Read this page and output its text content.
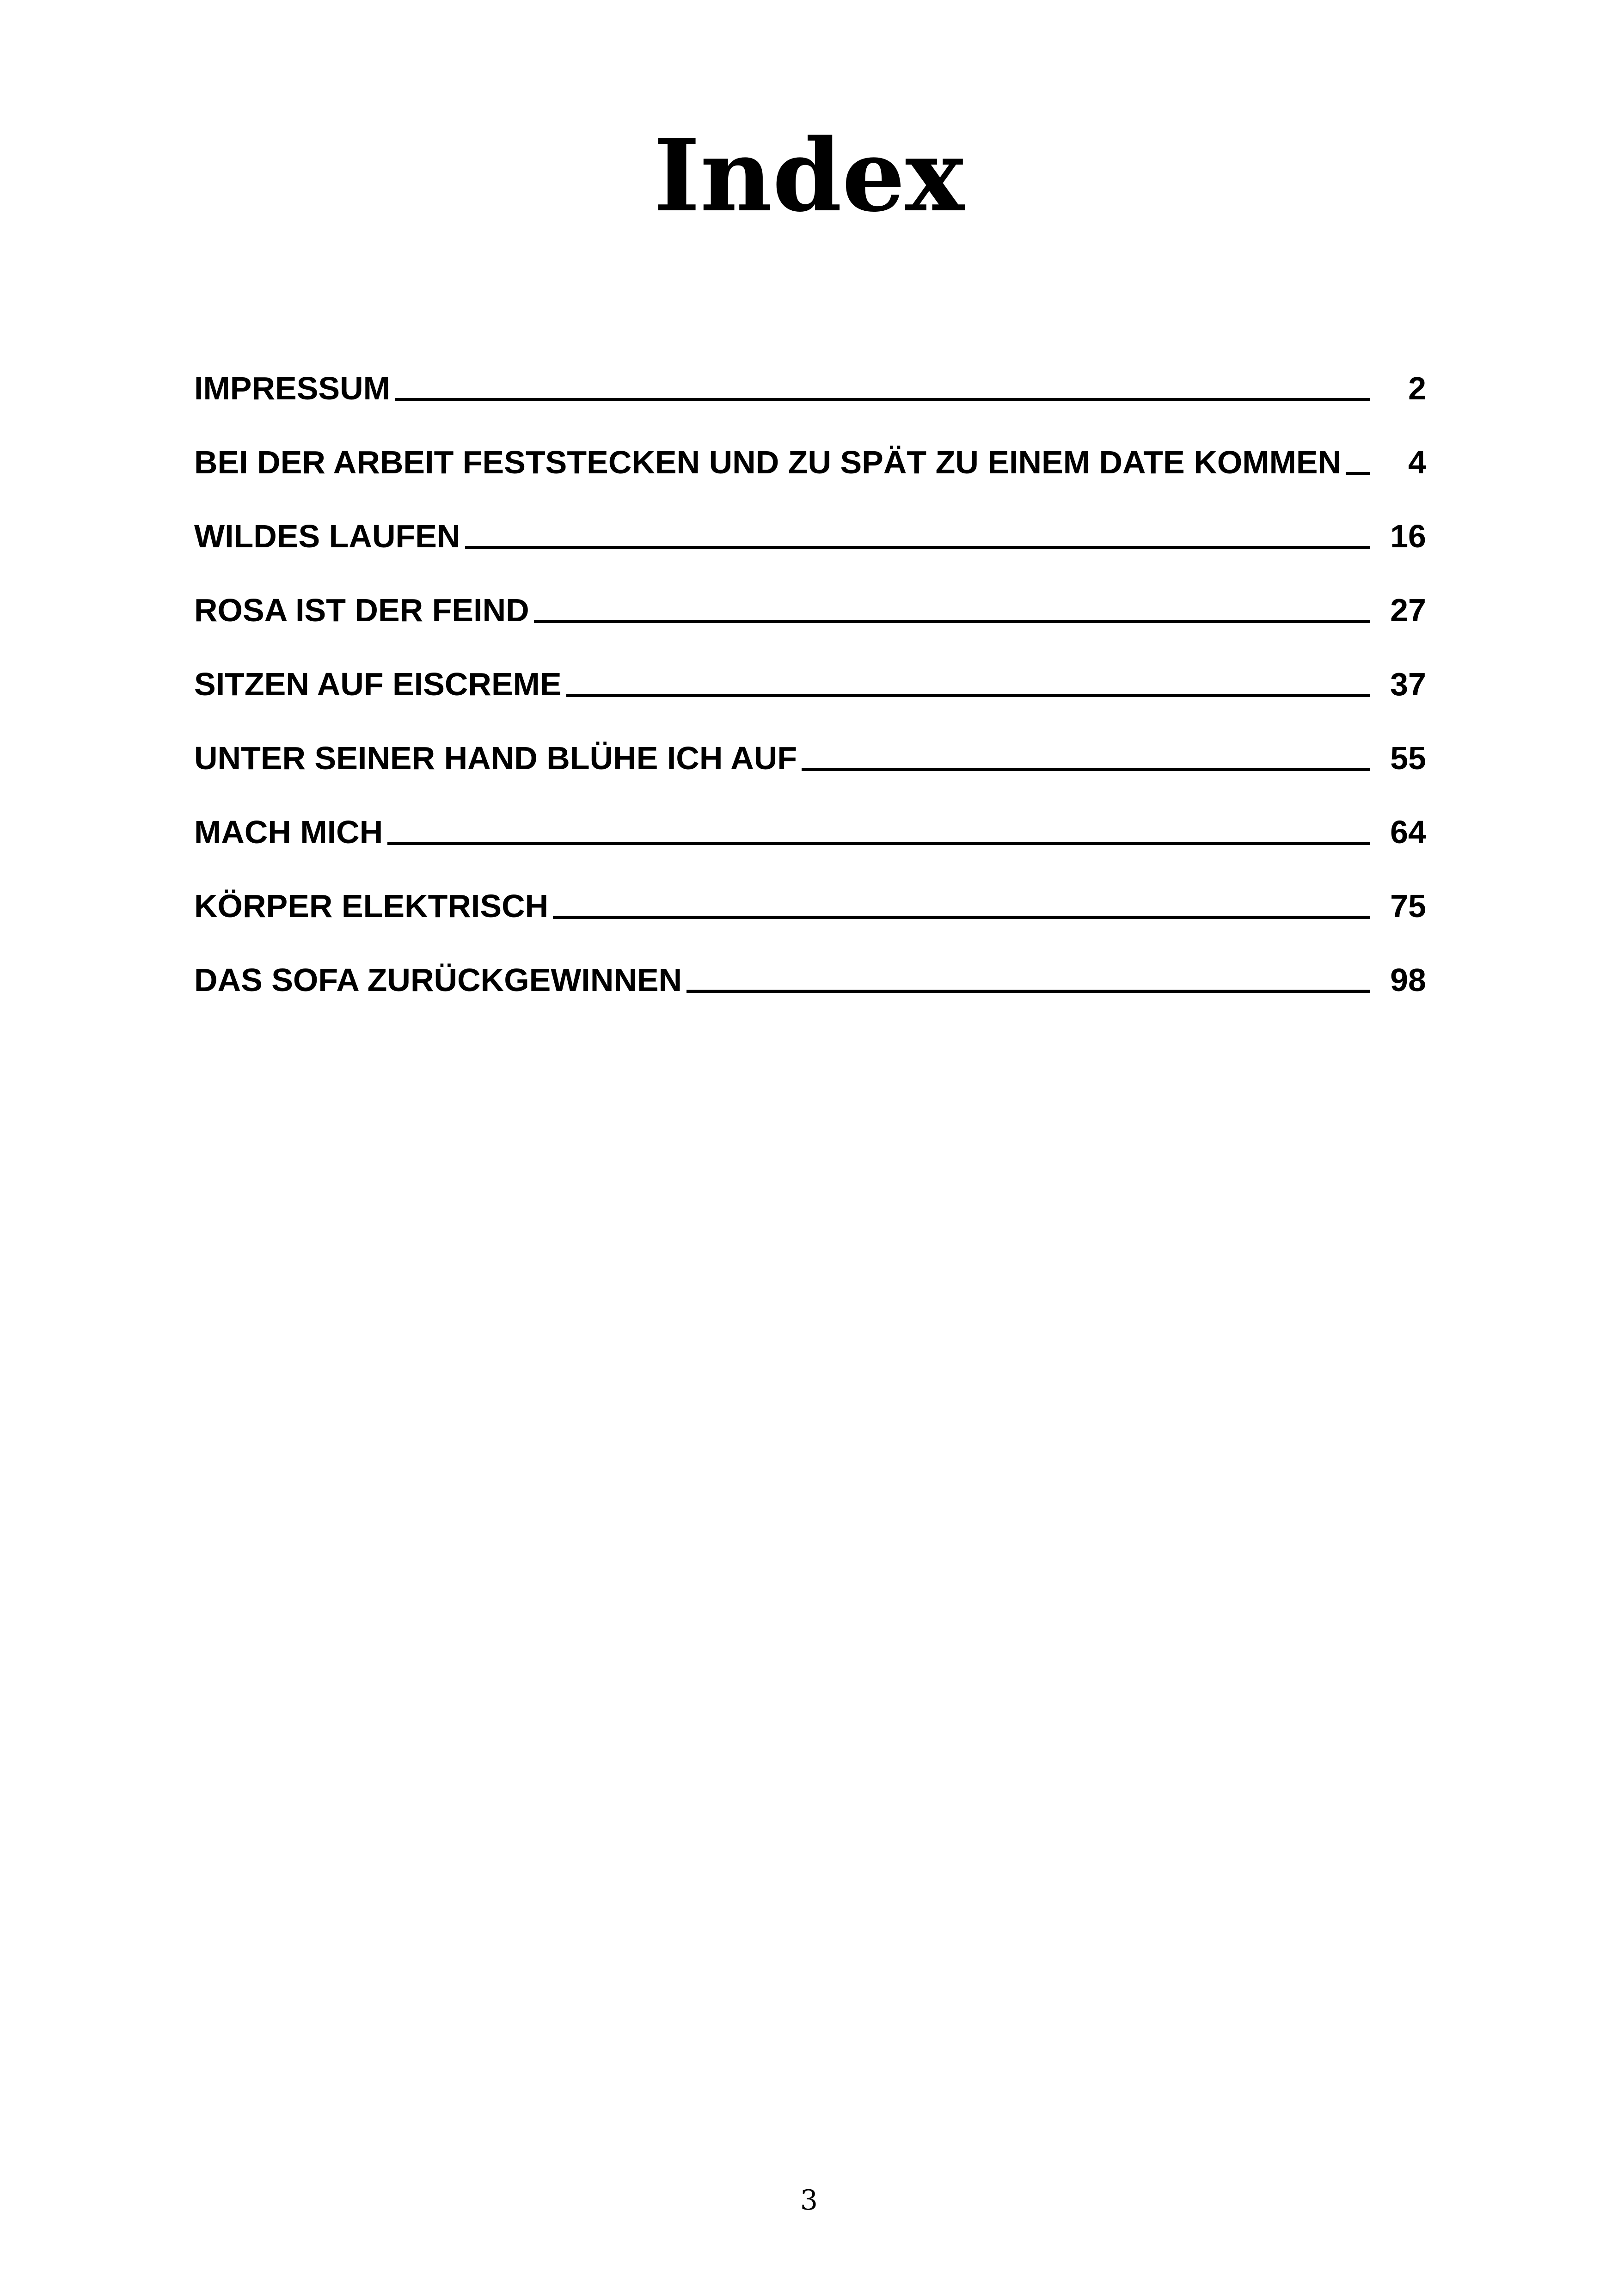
Index
IMPRESSUM	2
BEI DER ARBEIT FESTSTECKEN UND ZU SPÄT ZU EINEM DATE KOMMEN	4
WILDES LAUFEN	16
ROSA IST DER FEIND	27
SITZEN AUF EISCREME	37
UNTER SEINER HAND BLÜHE ICH AUF	55
MACH MICH	64
KÖRPER ELEKTRISCH	75
DAS SOFA ZURÜCKGEWINNEN	98
3
